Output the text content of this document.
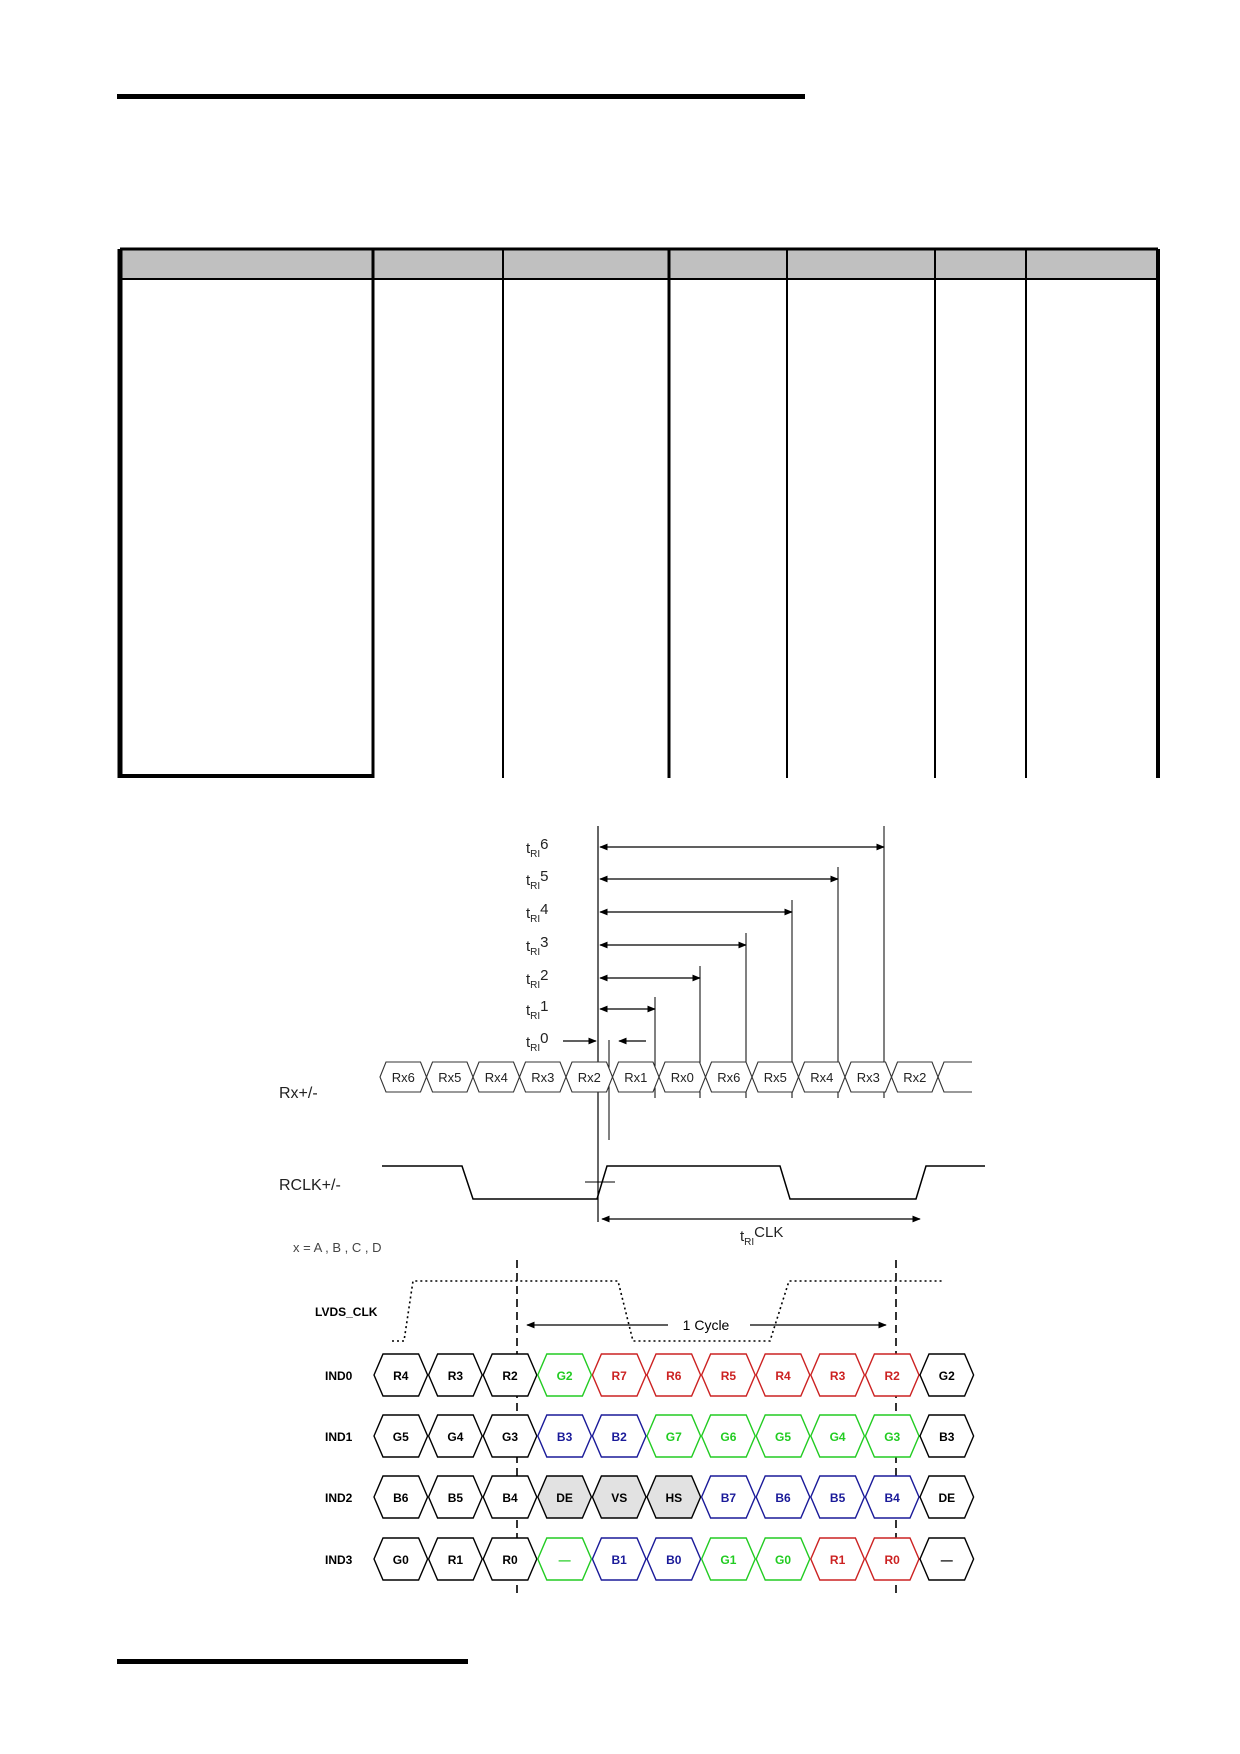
$t_{RI}6$
$t_{RI}5$
$t_{RI}4$
$t_{RI}3$
$t_{RI}2$
$t_{RI}1$
$t_{RI}0$
Rx+/-
Rx6 Rx5 Rx4 Rx3 Rx2 Rx1 Rx0 Rx6 Rx5 Rx4 Rx3 Rx2
RCLK+/-
$t_{RI}CLK$
x = A , B , C , D
LVDS_CLK
1 Cycle
IND0	R4	R3	R2	G2	R7	R6	R5	R4	R3	R2	G2
IND1	G5	G4	G3	B3	B2	G7	G6	G5	G4	G3	B3
IND2	B6	B5	B4	DE	VS	HS	B7	B6	B5	B4	DE
IND3	G0	R1	R0	—	B1	B0	G1	G0	R1	R0	—
